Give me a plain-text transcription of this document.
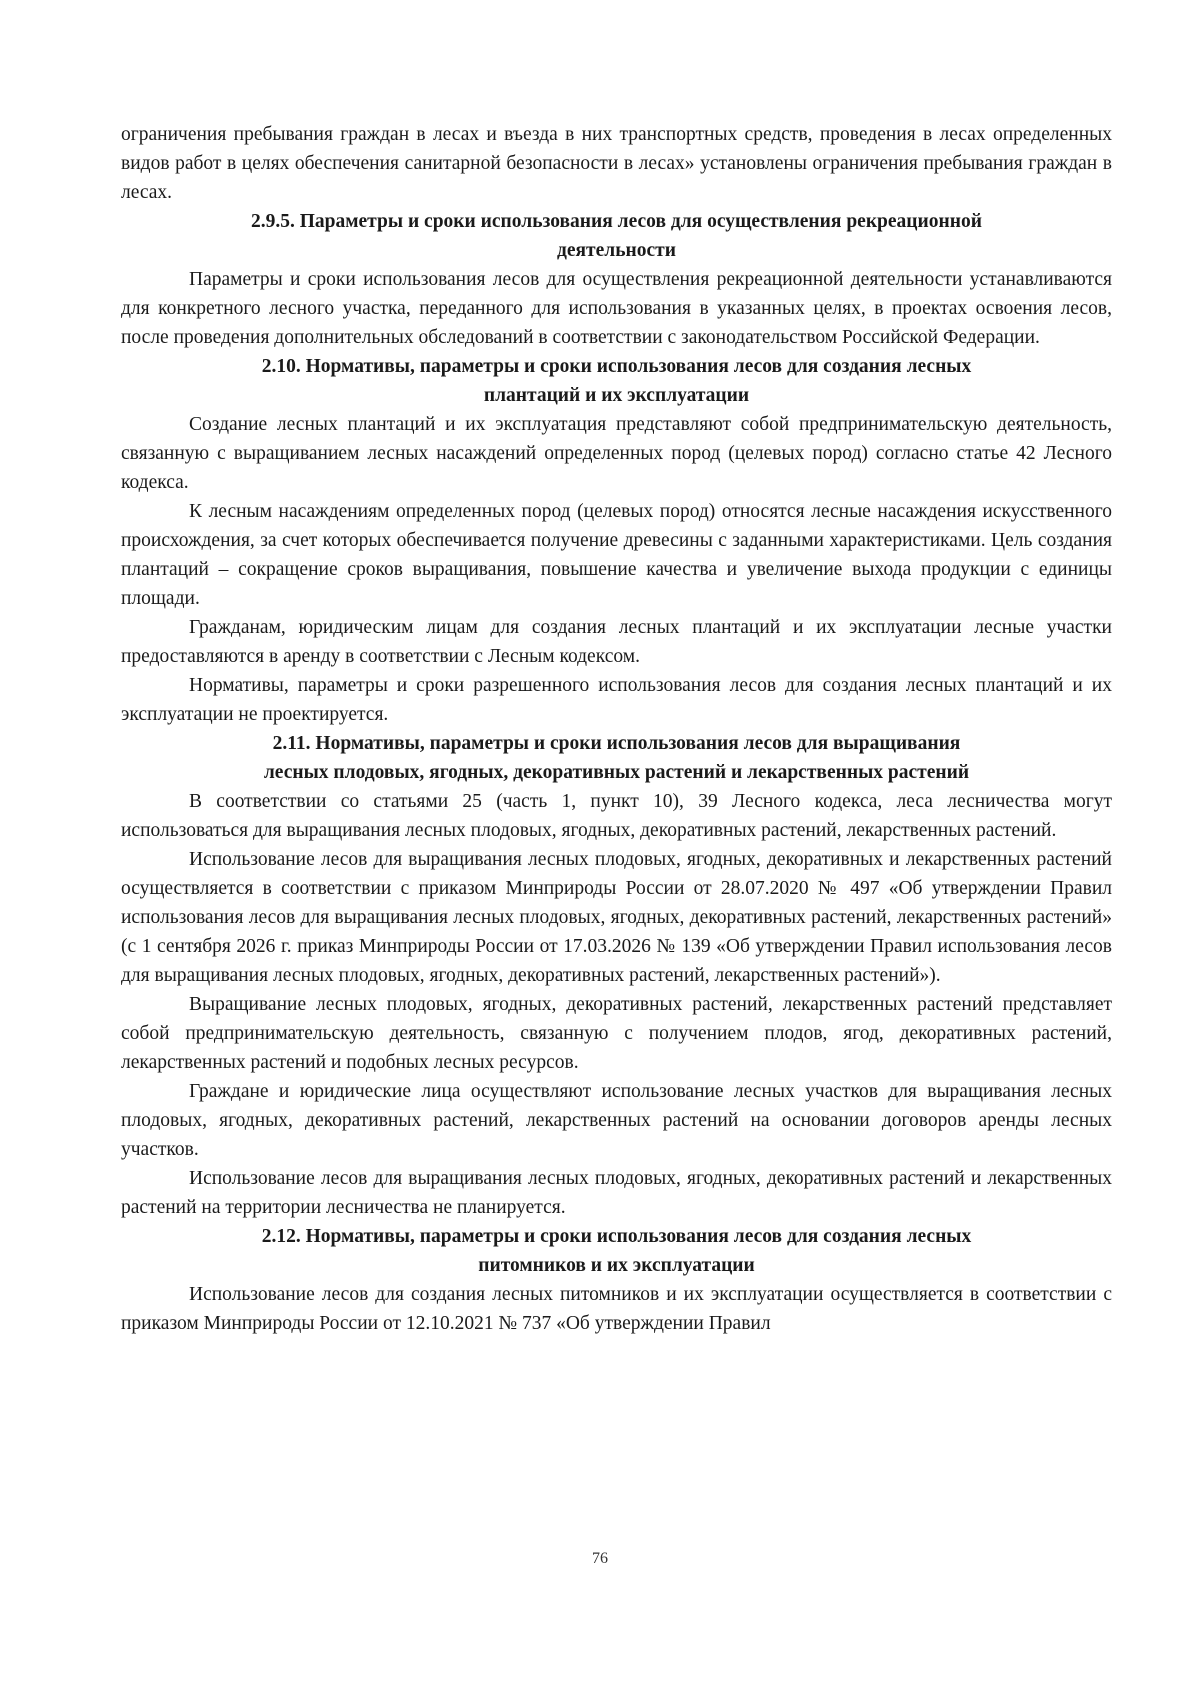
ограничения пребывания граждан в лесах и въезда в них транспортных средств, проведения в лесах определенных видов работ в целях обеспечения санитарной безопасности в лесах» установлены ограничения пребывания граждан в лесах.

2.9.5. Параметры и сроки использования лесов для осуществления рекреационной
деятельности

Параметры и сроки использования лесов для осуществления рекреационной деятельности устанавливаются для конкретного лесного участка, переданного для использования в указанных целях, в проектах освоения лесов, после проведения дополнительных обследований в соответствии с законодательством Российской Федерации.

2.10. Нормативы, параметры и сроки использования лесов для создания лесных
плантаций и их эксплуатации

Создание лесных плантаций и их эксплуатация представляют собой предпринимательскую деятельность, связанную с выращиванием лесных насаждений определенных пород (целевых пород) согласно статье 42 Лесного кодекса.

К лесным насаждениям определенных пород (целевых пород) относятся лесные насаждения искусственного происхождения, за счет которых обеспечивается получение древесины с заданными характеристиками. Цель создания плантаций – сокращение сроков выращивания, повышение качества и увеличение выхода продукции с единицы площади.

Гражданам, юридическим лицам для создания лесных плантаций и их эксплуатации лесные участки предоставляются в аренду в соответствии с Лесным кодексом.

Нормативы, параметры и сроки разрешенного использования лесов для создания лесных плантаций и их эксплуатации не проектируется.

2.11. Нормативы, параметры и сроки использования лесов для выращивания
лесных плодовых, ягодных, декоративных растений и лекарственных растений

В соответствии со статьями 25 (часть 1, пункт 10), 39 Лесного кодекса, леса лесничества могут использоваться для выращивания лесных плодовых, ягодных, декоративных растений, лекарственных растений.

Использование лесов для выращивания лесных плодовых, ягодных, декоративных и лекарственных растений осуществляется в соответствии с приказом Минприроды России от 28.07.2020 № 497 «Об утверждении Правил использования лесов для выращивания лесных плодовых, ягодных, декоративных растений, лекарственных растений» (с 1 сентября 2026 г. приказ Минприроды России от 17.03.2026 № 139 «Об утверждении Правил использования лесов для выращивания лесных плодовых, ягодных, декоративных растений, лекарственных растений»).

Выращивание лесных плодовых, ягодных, декоративных растений, лекарственных растений представляет собой предпринимательскую деятельность, связанную с получением плодов, ягод, декоративных растений, лекарственных растений и подобных лесных ресурсов.

Граждане и юридические лица осуществляют использование лесных участков для выращивания лесных плодовых, ягодных, декоративных растений, лекарственных растений на основании договоров аренды лесных участков.

Использование лесов для выращивания лесных плодовых, ягодных, декоративных растений и лекарственных растений на территории лесничества не планируется.

2.12. Нормативы, параметры и сроки использования лесов для создания лесных
питомников и их эксплуатации

Использование лесов для создания лесных питомников и их эксплуатации осуществляется в соответствии с приказом Минприроды России от 12.10.2021 № 737 «Об утверждении Правил

76
